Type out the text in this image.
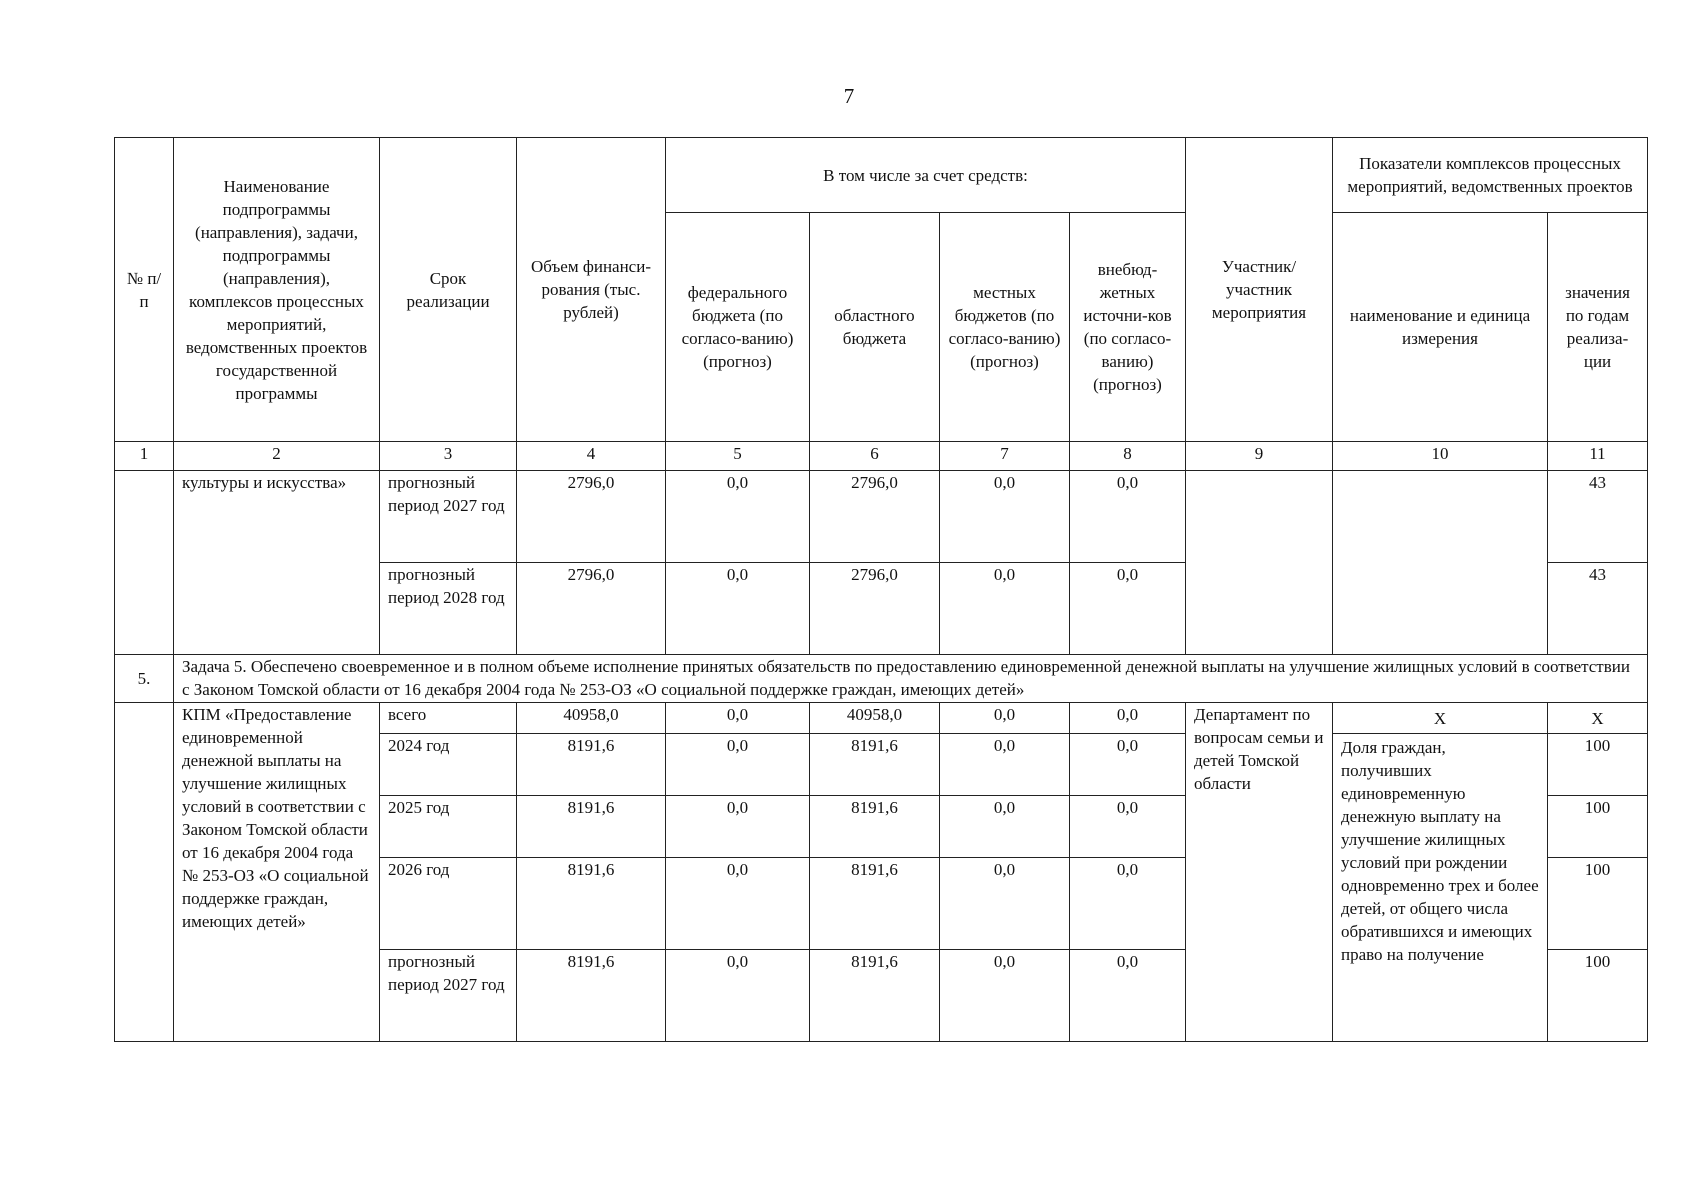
7
№ п/п	Наименование подпрограммы (направления), задачи, подпрограммы (направления), комплексов процессных мероприятий, ведомственных проектов государственной программы	Срок реализации	Объем финанси-рования (тыс. рублей)	В том числе за счет средств:				Участник/ участник мероприятия	Показатели комплексов процессных мероприятий, ведомственных проектов	
				федерального бюджета (по согласо-ванию) (прогноз)	областного бюджета	местных бюджетов (по согласо-ванию) (прогноз)	внебюд-жетных источни-ков (по согласо-ванию) (прогноз)		наименование и единица измерения	значения по годам реализа-ции
1	2	3	4	5	6	7	8	9	10	11
	культуры и искусства»	прогнозный период 2027 год	2796,0	0,0	2796,0	0,0	0,0			43
		прогнозный период 2028 год	2796,0	0,0	2796,0	0,0	0,0			43
5.	Задача 5. Обеспечено своевременное и в полном объеме исполнение принятых обязательств по предоставлению единовременной денежной выплаты на улучшение жилищных условий в соответствии с Законом Томской области от 16 декабря 2004 года № 253-ОЗ «О социальной поддержке граждан, имеющих детей»									
	КПМ «Предоставление единовременной денежной выплаты на улучшение жилищных условий в соответствии с Законом Томской области от 16 декабря 2004 года № 253-ОЗ «О социальной поддержке граждан, имеющих детей»	всего	40958,0	0,0	40958,0	0,0	0,0	Департамент по вопросам семьи и детей Томской области	Х	Х
		2024 год	8191,6	0,0	8191,6	0,0	0,0		Доля граждан, получивших единовременную денежную выплату на улучшение жилищных условий при рождении одновременно трех и более детей, от общего числа обратившихся и имеющих право на получение	100
		2025 год	8191,6	0,0	8191,6	0,0	0,0			100
		2026 год	8191,6	0,0	8191,6	0,0	0,0			100
		прогнозный период 2027 год	8191,6	0,0	8191,6	0,0	0,0			100
